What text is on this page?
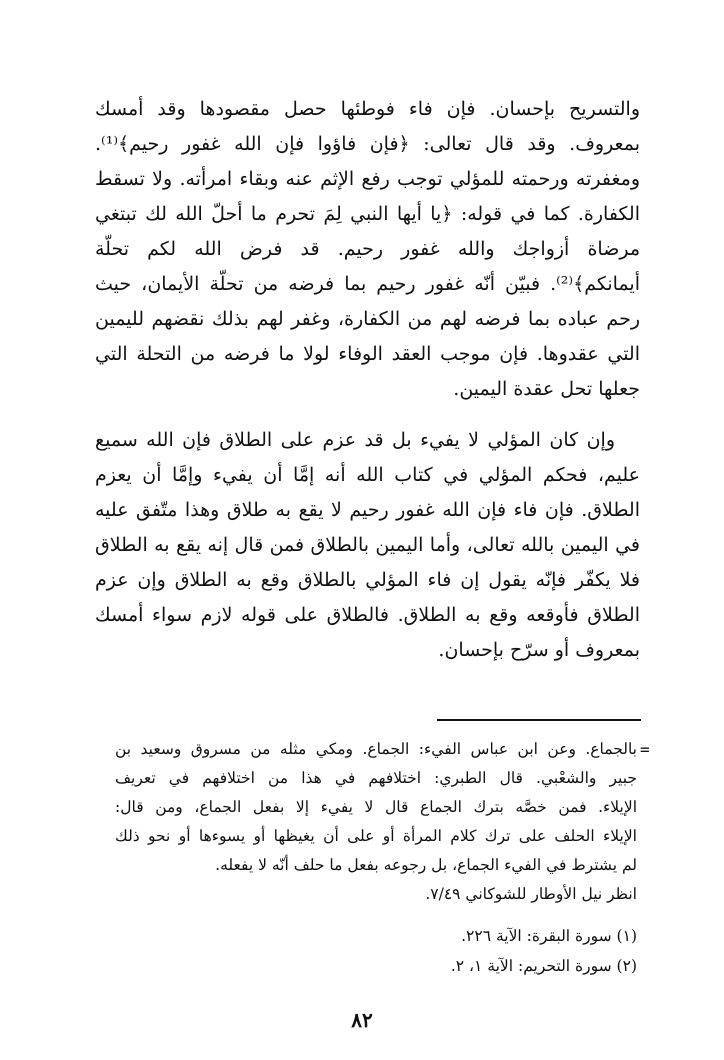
والتسريح بإحسان. فإن فاء فوطئها حصل مقصودها وقد أمسك
بمعروف. وقد قال تعالى: ﴿فإن فاؤوا فإن الله غفور رحيم﴾⁽¹⁾.
ومغفرته ورحمته للمؤلي توجب رفع الإثم عنه وبقاء امرأته. ولا تسقط
الكفارة. كما في قوله: ﴿يا أيها النبي لِمَ تحرم ما أحلّ الله لك تبتغي
مرضاة أزواجك والله غفور رحيم. قد فرض الله لكم تحلّة
أيمانكم﴾⁽²⁾. فبيّن أنّه غفور رحيم بما فرضه من تحلّة الأيمان، حيث
رحم عباده بما فرضه لهم من الكفارة، وغفر لهم بذلك نقضهم لليمين
التي عقدوها. فإن موجب العقد الوفاء لولا ما فرضه من التحلة التي
جعلها تحل عقدة اليمين.
وإن كان المؤلي لا يفيء بل قد عزم على الطلاق فإن الله سميع
عليم، فحكم المؤلي في كتاب الله أنه إمَّا أن يفيء وإمَّا أن يعزم
الطلاق. فإن فاء فإن الله غفور رحيم لا يقع به طلاق وهذا متّفق عليه
في اليمين بالله تعالى، وأما اليمين بالطلاق فمن قال إنه يقع به الطلاق
فلا يكفّر فإنّه يقول إن فاء المؤلي بالطلاق وقع به الطلاق وإن عزم
الطلاق فأوقعه وقع به الطلاق. فالطلاق على قوله لازم سواء أمسك
بمعروف أو سرّح بإحسان.
=
بالجماع. وعن ابن عباس الفيء: الجماع. ومكي مثله من مسروق وسعيد بن
جبير والشعْبي. قال الطبري: اختلافهم في هذا من اختلافهم في تعريف
الإيلاء. فمن خصَّه بترك الجماع قال لا يفيء إلا بفعل الجماع، ومن قال:
الإيلاء الحلف على ترك كلام المرأة أو على أن يغيظها أو يسوءها أو نحو ذلك
لم يشترط في الفيء الجماع، بل رجوعه بفعل ما حلف أنّه لا يفعله.
انظر نيل الأوطار للشوكاني ٧/٤٩.
(١) سورة البقرة: الآية ٢٢٦.
(٢) سورة التحريم: الآية ١، ٢.
٨٢
